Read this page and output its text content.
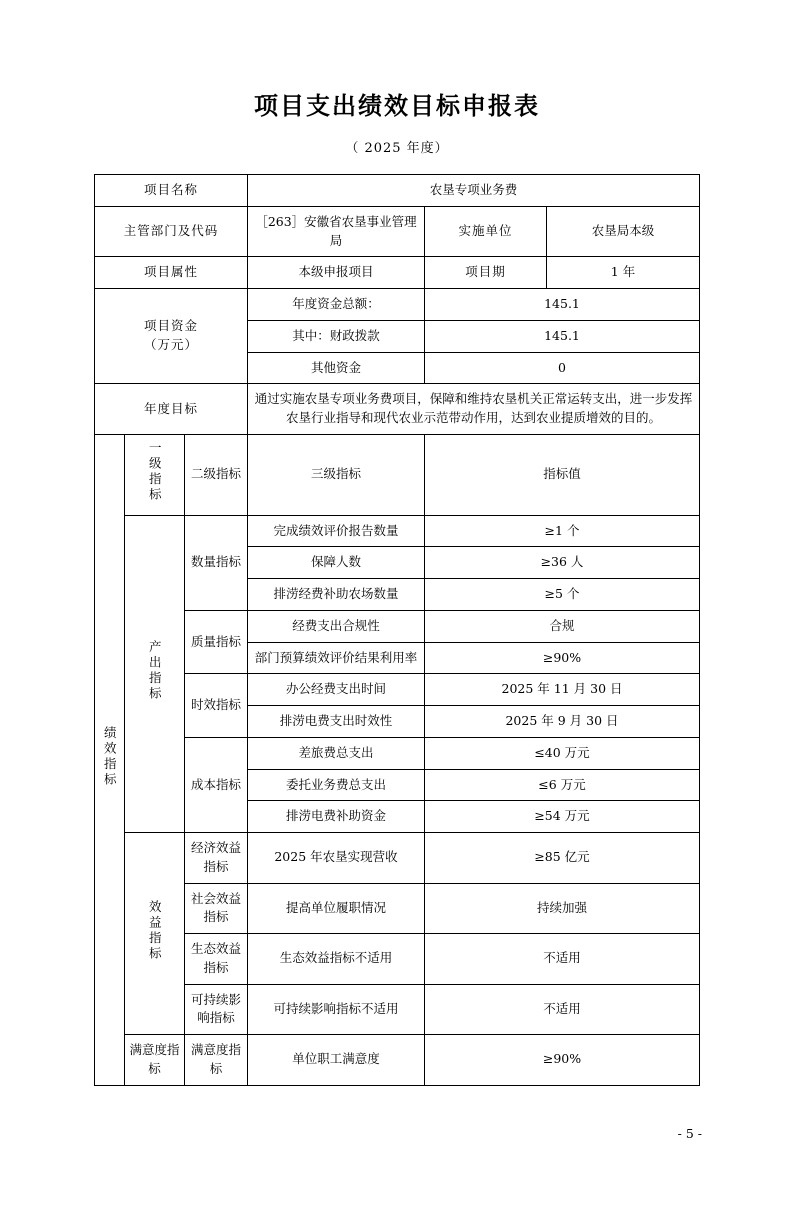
项目支出绩效目标申报表
（ 2025 年度）
项目名称			农垦专项业务费		
主管部门及代码			［263］安徽省农垦事业管理局	实施单位	农垦局本级
项目属性			本级申报项目	项目期	1 年

项目资金
（万元）			年度资金总额：	145.1	
			其中：财政拨款	145.1	
			其他资金	0	
年度目标			通过实施农垦专项业务费项目，保障和维持农垦机关正常运转支出，进一步发挥农垦行业指导和现代农业示范带动作用，达到农业提质增效的目的。		
绩效指标	一级指标	二级指标	三级指标	指标值	
	产出指标	数量指标	完成绩效评价报告数量	≥1 个	
			保障人数	≥36 人	
			排涝经费补助农场数量	≥5 个	
		质量指标	经费支出合规性	合规	
			部门预算绩效评价结果利用率	≥90%	
		时效指标	办公经费支出时间	2025 年 11 月 30 日	
			排涝电费支出时效性	2025 年 9 月 30 日	
		成本指标	差旅费总支出	≤40 万元	
			委托业务费总支出	≤6 万元	
			排涝电费补助资金	≥54 万元	
	效益指标	经济效益指标	2025 年农垦实现营收	≥85 亿元	
		社会效益指标	提高单位履职情况	持续加强	
		生态效益指标	生态效益指标不适用	不适用	
		可持续影响指标	可持续影响指标不适用	不适用	
	满意度指标	满意度指标	单位职工满意度	≥90%	
- 5 -
